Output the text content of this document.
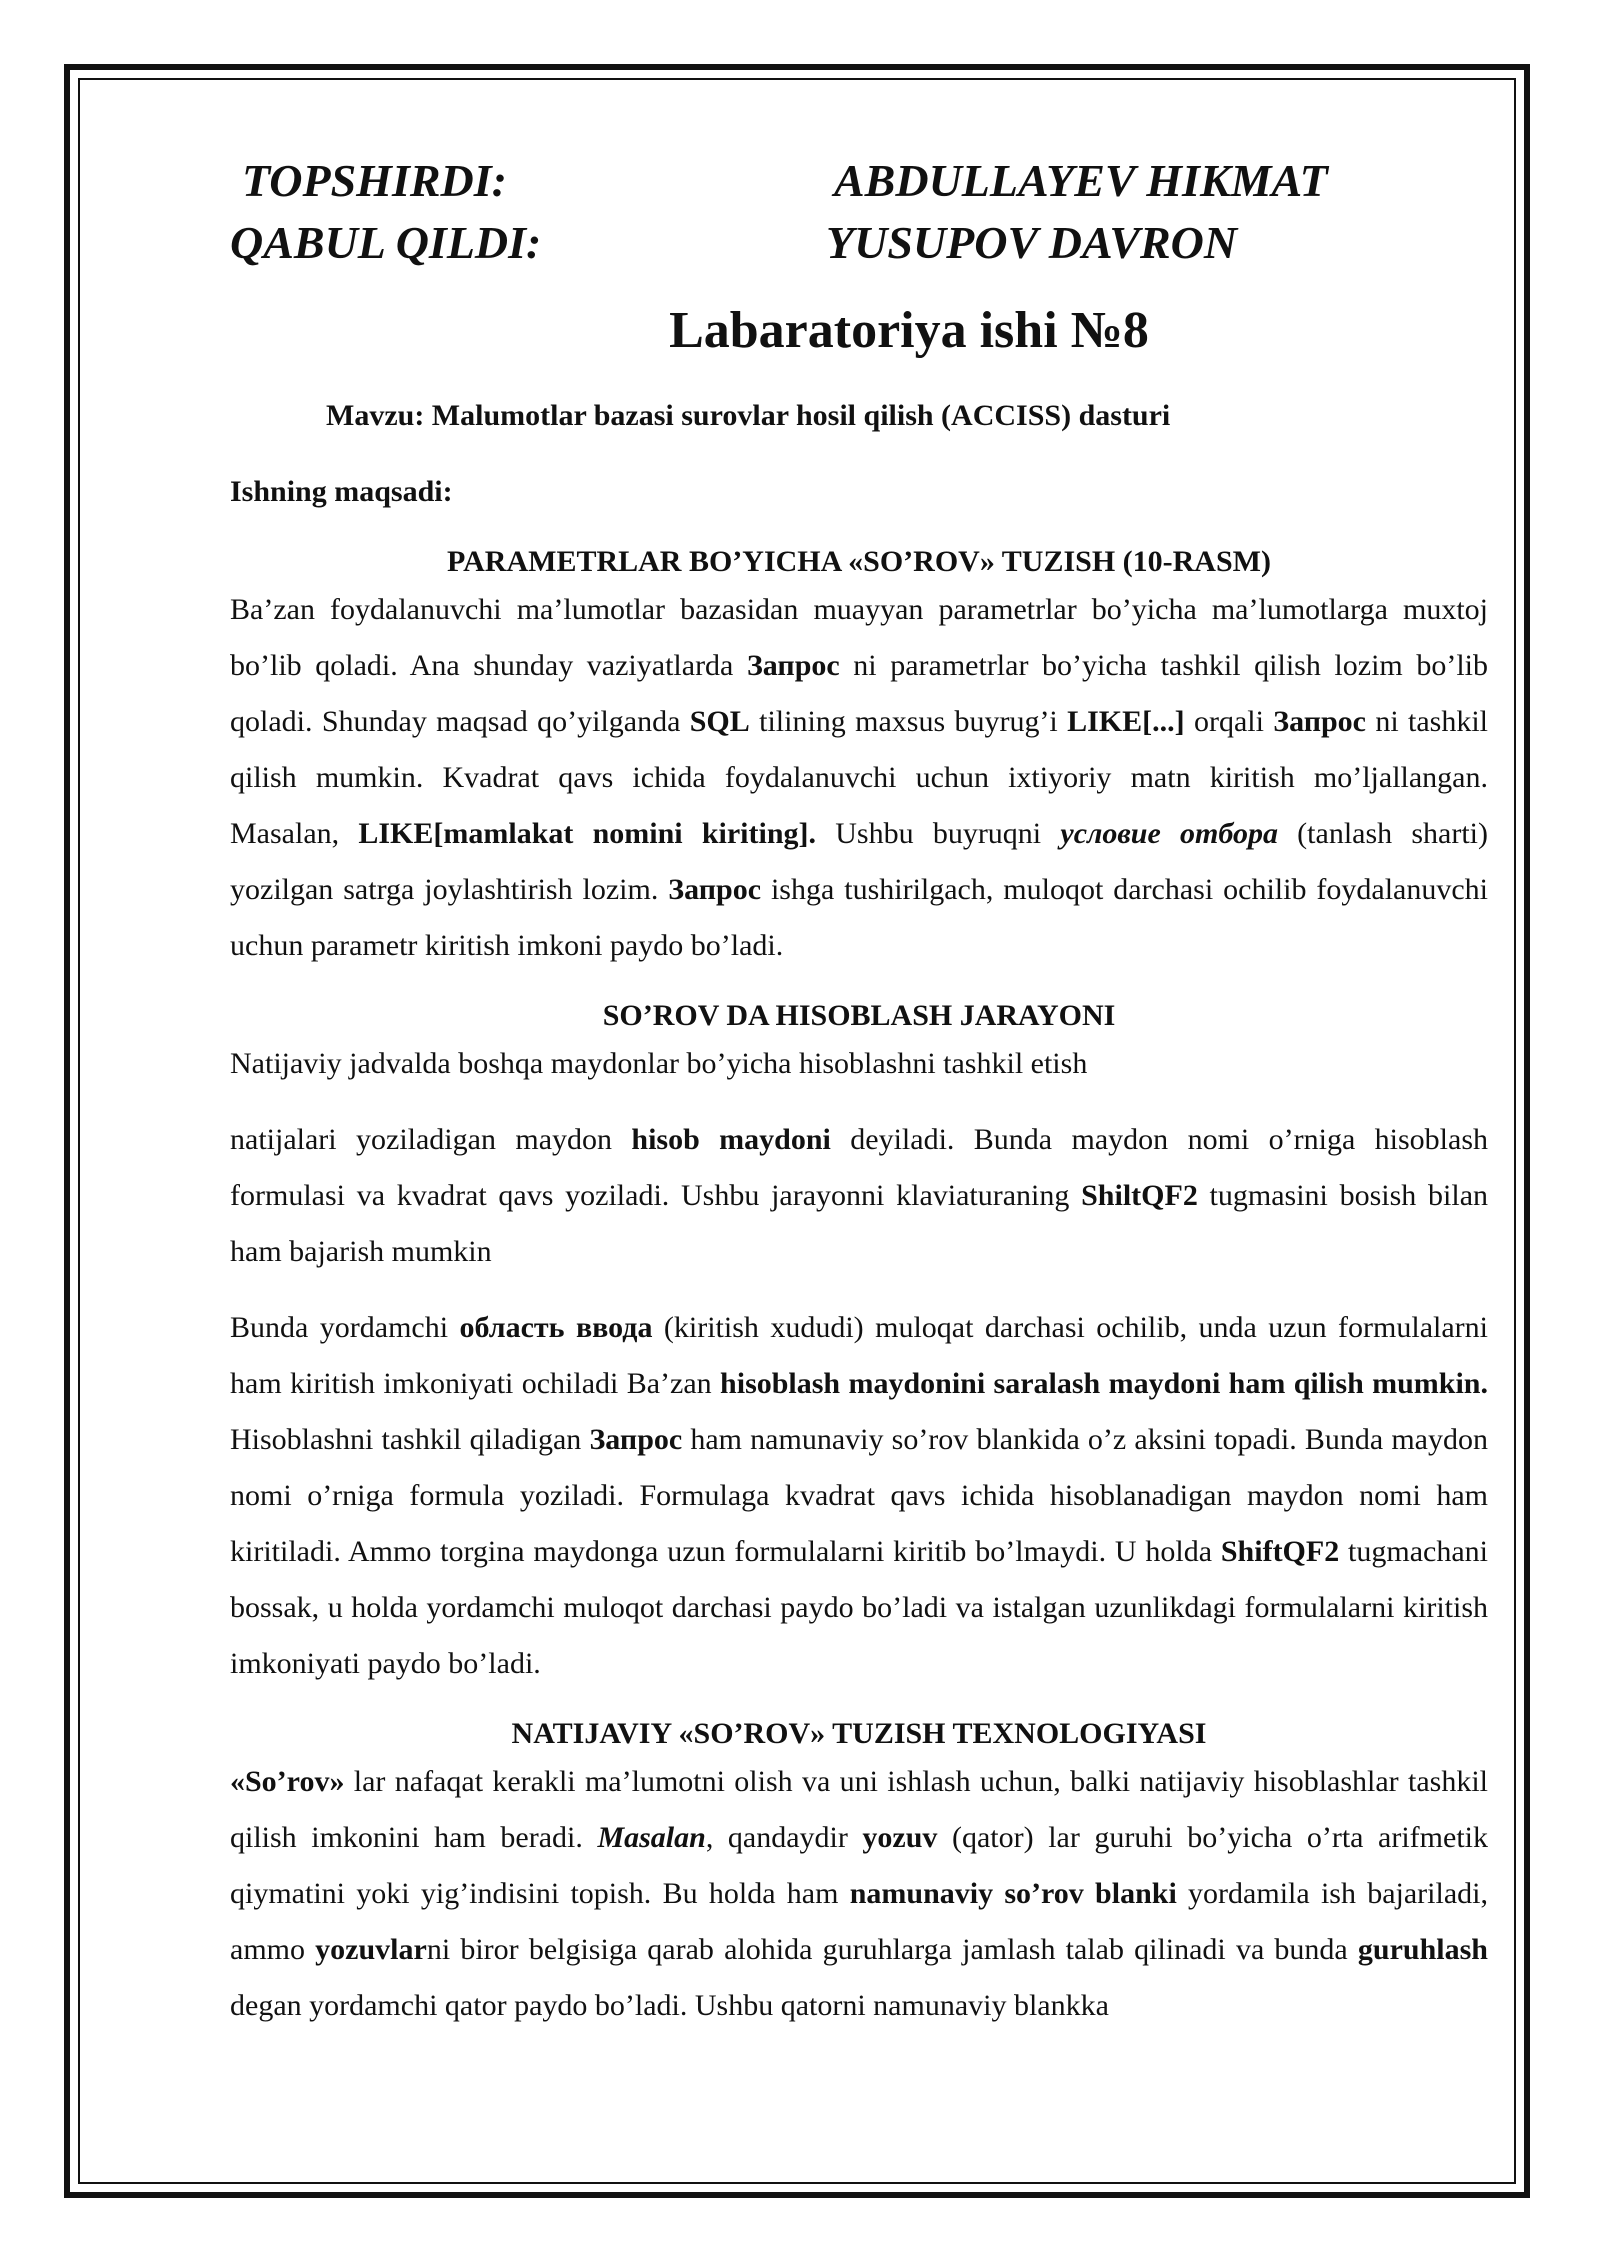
TOPSHIRDI:	ABDULLAYEV HIKMAT
QABUL QILDI:	YUSUPOV DAVRON
Labaratoriya ishi №8
Mavzu: Malumotlar bazasi surovlar hosil qilish (ACCISS) dasturi
Ishning maqsadi:
PARAMETRLAR BO’YICHA «SO’ROV» TUZISH (10-RASM)

Ba’zan foydalanuvchi ma’lumotlar bazasidan muayyan parametrlar bo’yicha ma’lumotlarga muxtoj bo’lib qoladi. Ana shunday vaziyatlarda Запрос ni parametrlar bo’yicha tashkil qilish lozim bo’lib qoladi. Shunday maqsad qo’yilganda SQL tilining maxsus buyrug’i LIKE[...] orqali Запрос ni tashkil qilish mumkin. Kvadrat qavs ichida foydalanuvchi uchun ixtiyoriy matn kiritish mo’ljallangan. Masalan, LIKE[mamlakat nomini kiriting]. Ushbu buyruqni условие отбора (tanlash sharti) yozilgan satrga joylashtirish lozim. Запрос ishga tushirilgach, muloqot darchasi ochilib foydalanuvchi uchun parametr kiritish imkoni paydo bo’ladi.

SO’ROV DA HISOBLASH JARAYONI

Natijaviy jadvalda boshqa maydonlar bo’yicha hisoblashni tashkil etish

natijalari yoziladigan maydon hisob maydoni deyiladi. Bunda maydon nomi o’rniga hisoblash formulasi va kvadrat qavs yoziladi. Ushbu jarayonni klaviaturaning ShiltQF2 tugmasini bosish bilan ham bajarish mumkin

Bunda yordamchi область ввода (kiritish xududi) muloqat darchasi ochilib, unda uzun formulalarni ham kiritish imkoniyati ochiladi Ba’zan hisoblash maydonini saralash maydoni ham qilish mumkin. Hisoblashni tashkil qiladigan Запрос ham namunaviy so’rov blankida o’z aksini topadi. Bunda maydon nomi o’rniga formula yoziladi. Formulaga kvadrat qavs ichida hisoblanadigan maydon nomi ham kiritiladi. Ammo torgina maydonga uzun formulalarni kiritib bo’lmaydi. U holda ShiftQF2 tugmachani bossak, u holda yordamchi muloqot darchasi paydo bo’ladi va istalgan uzunlikdagi formulalarni kiritish imkoniyati paydo bo’ladi.

NATIJAVIY «SO’ROV» TUZISH TEXNOLOGIYASI

«So’rov» lar nafaqat kerakli ma’lumotni olish va uni ishlash uchun, balki natijaviy hisoblashlar tashkil qilish imkonini ham beradi. Masalan, qandaydir yozuv (qator) lar guruhi bo’yicha o’rta arifmetik qiymatini yoki yig’indisini topish. Bu holda ham namunaviy so’rov blanki yordamila ish bajariladi, ammo yozuvlarni biror belgisiga qarab alohida guruhlarga jamlash talab qilinadi va bunda guruhlash degan yordamchi qator paydo bo’ladi. Ushbu qatorni namunaviy blankka
